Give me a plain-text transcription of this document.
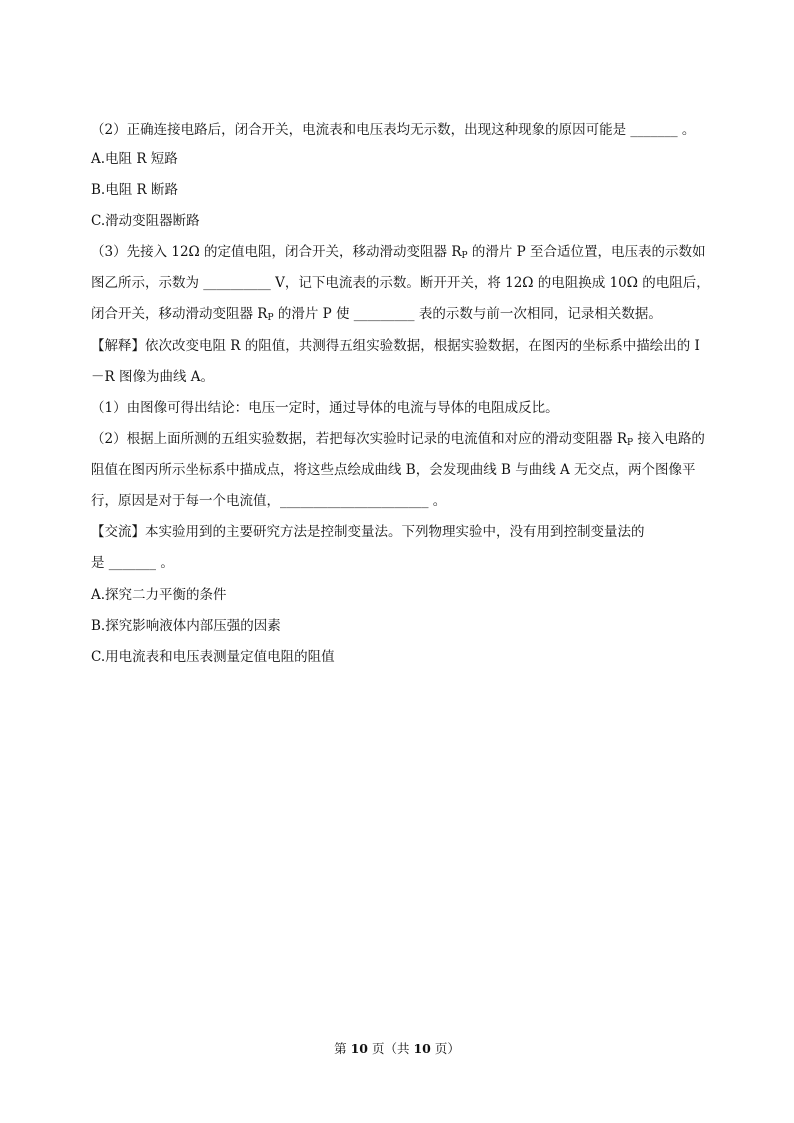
（2）正确连接电路后，闭合开关，电流表和电压表均无示数，出现这种现象的原因可能是 _______ 。
A.电阻 R 短路
B.电阻 R 断路
C.滑动变阻器断路
（3）先接入 12Ω 的定值电阻，闭合开关，移动滑动变阻器 $R_P$ 的滑片 P 至合适位置，电压表的示数如
图乙所示，示数为 __________ V，记下电流表的示数。断开开关，将 12Ω 的电阻换成 10Ω 的电阻后，
闭合开关，移动滑动变阻器 $R_P$ 的滑片 P 使 _________ 表的示数与前一次相同，记录相关数据。
【解释】依次改变电阻 R 的阻值，共测得五组实验数据，根据实验数据，在图丙的坐标系中描绘出的 I
－R 图像为曲线 A。
（1）由图像可得出结论：电压一定时，通过导体的电流与导体的电阻成反比。
（2）根据上面所测的五组实验数据，若把每次实验时记录的电流值和对应的滑动变阻器 $R_P$ 接入电路的
阻值在图丙所示坐标系中描成点，将这些点绘成曲线 B，会发现曲线 B 与曲线 A 无交点，两个图像平
行，原因是对于每一个电流值，______________________ 。
【交流】本实验用到的主要研究方法是控制变量法。下列物理实验中，没有用到控制变量法的
是 _______ 。
A.探究二力平衡的条件
B.探究影响液体内部压强的因素
C.用电流表和电压表测量定值电阻的阻值
第 10 页（共 10 页）
